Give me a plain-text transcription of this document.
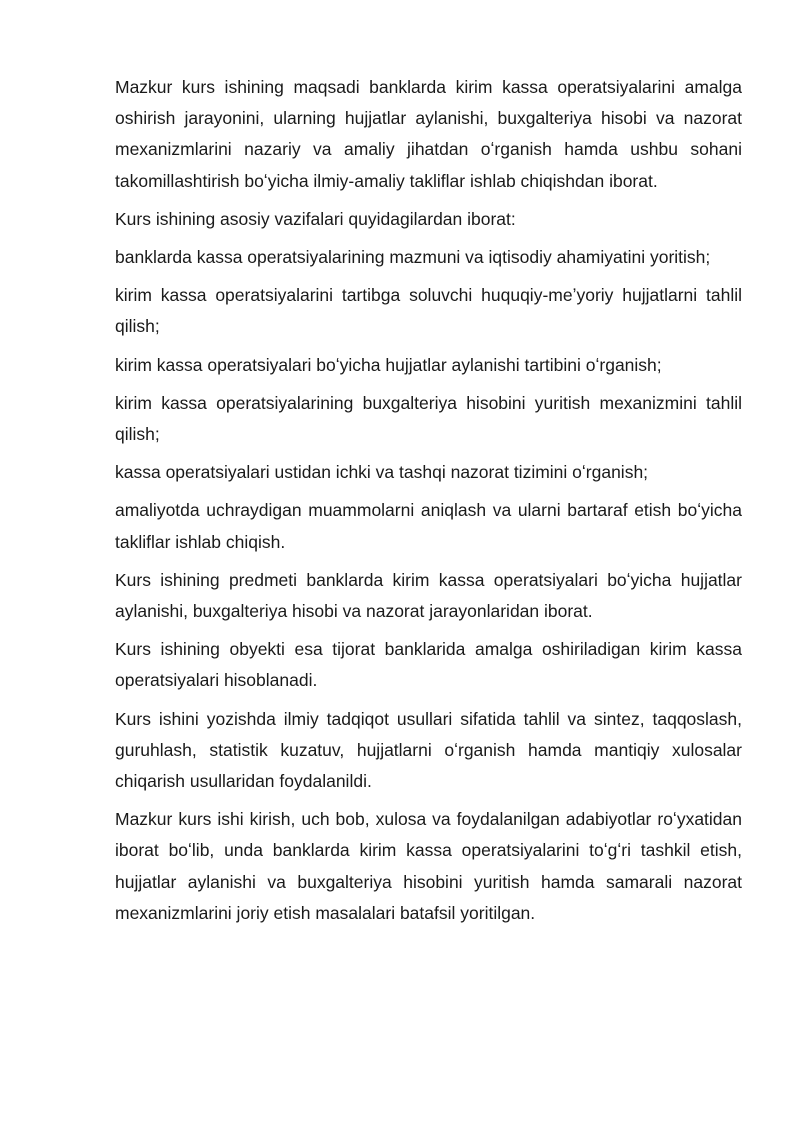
Mazkur kurs ishining maqsadi banklarda kirim kassa operatsiyalarini amalga oshirish jarayonini, ularning hujjatlar aylanishi, buxgalteriya hisobi va nazorat mexanizmlarini nazariy va amaliy jihatdan oʻrganish hamda ushbu sohani takomillashtirish boʻyicha ilmiy-amaliy takliflar ishlab chiqishdan iborat.

Kurs ishining asosiy vazifalari quyidagilardan iborat:

banklarda kassa operatsiyalarining mazmuni va iqtisodiy ahamiyatini yoritish;

kirim kassa operatsiyalarini tartibga soluvchi huquqiy-meʼyoriy hujjatlarni tahlil qilish;

kirim kassa operatsiyalari boʻyicha hujjatlar aylanishi tartibini oʻrganish;

kirim kassa operatsiyalarining buxgalteriya hisobini yuritish mexanizmini tahlil qilish;

kassa operatsiyalari ustidan ichki va tashqi nazorat tizimini oʻrganish;

amaliyotda uchraydigan muammolarni aniqlash va ularni bartaraf etish boʻyicha takliflar ishlab chiqish.

Kurs ishining predmeti banklarda kirim kassa operatsiyalari boʻyicha hujjatlar aylanishi, buxgalteriya hisobi va nazorat jarayonlaridan iborat.

Kurs ishining obyekti esa tijorat banklarida amalga oshiriladigan kirim kassa operatsiyalari hisoblanadi.

Kurs ishini yozishda ilmiy tadqiqot usullari sifatida tahlil va sintez, taqqoslash, guruhlash, statistik kuzatuv, hujjatlarni oʻrganish hamda mantiqiy xulosalar chiqarish usullaridan foydalanildi.

Mazkur kurs ishi kirish, uch bob, xulosa va foydalanilgan adabiyotlar roʻyxatidan iborat boʻlib, unda banklarda kirim kassa operatsiyalarini toʻgʻri tashkil etish, hujjatlar aylanishi va buxgalteriya hisobini yuritish hamda samarali nazorat mexanizmlarini joriy etish masalalari batafsil yoritilgan.
